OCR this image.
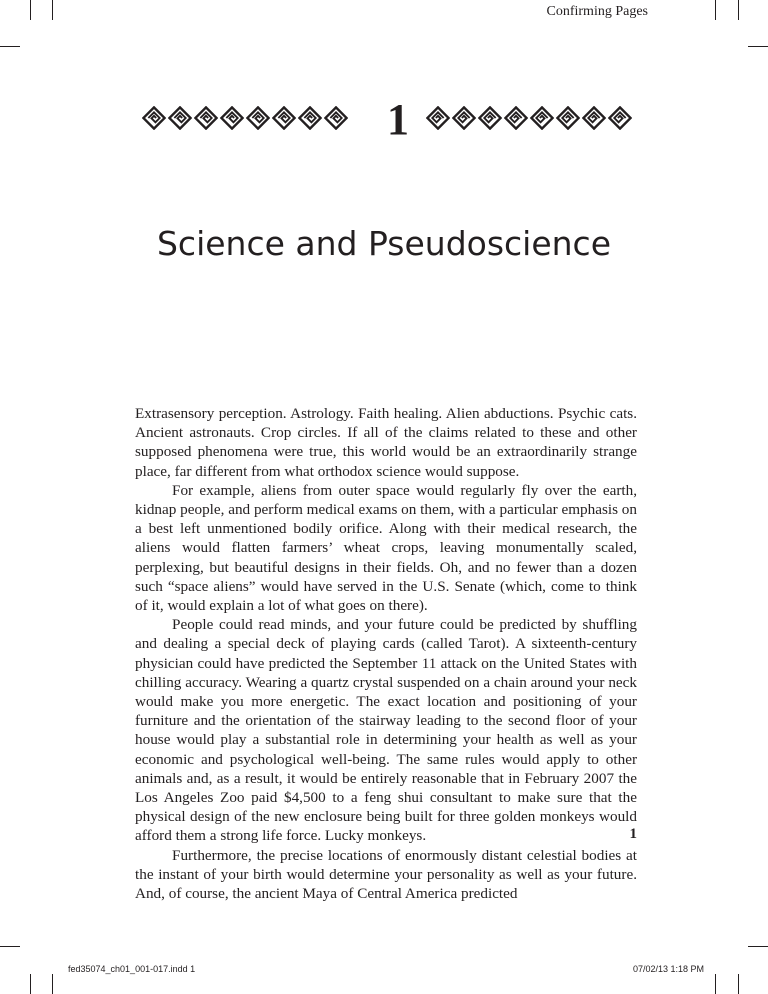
Confirming Pages
1
Science and Pseudoscience

Extrasensory perception. Astrology. Faith healing. Alien abductions. Psychic cats. Ancient astronauts. Crop circles. If all of the claims related to these and other supposed phenomena were true, this world would be an extraordinarily strange place, far different from what orthodox science would suppose.

For example, aliens from outer space would regularly fly over the earth, kidnap people, and perform medical exams on them, with a particular emphasis on a best left unmentioned bodily orifice. Along with their medical research, the aliens would flatten farmers’ wheat crops, leaving monumentally scaled, perplexing, but beautiful designs in their fields. Oh, and no fewer than a dozen such “space aliens” would have served in the U.S. Senate (which, come to think of it, would explain a lot of what goes on there).

People could read minds, and your future could be predicted by shuffling and dealing a special deck of playing cards (called Tarot). A sixteenth-century physician could have predicted the September 11 attack on the United States with chilling accuracy. Wearing a quartz crystal suspended on a chain around your neck would make you more energetic. The exact location and positioning of your furniture and the orientation of the stairway leading to the second floor of your house would play a substantial role in determining your health as well as your economic and psychological well-being. The same rules would apply to other animals and, as a result, it would be entirely reasonable that in February 2007 the Los Angeles Zoo paid $4,500 to a feng shui consultant to make sure that the physical design of the new enclosure being built for three golden monkeys would afford them a strong life force. Lucky monkeys.

Furthermore, the precise locations of enormously distant celestial bodies at the instant of your birth would determine your personality as well as your future. And, of course, the ancient Maya of Central America predicted

1
fed35074_ch01_001-017.indd 1	07/02/13 1:18 PM
